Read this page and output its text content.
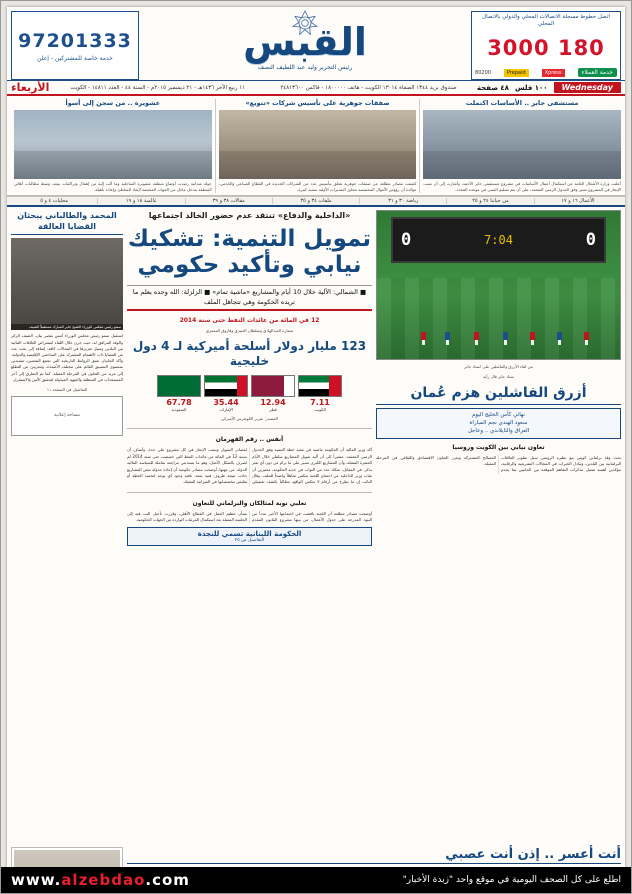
اتصل خطوط مسجلة الاتصالات المحلي والدولي بالاتصال المحلي
180 3000
خدمة العملاء
Xpress
Prepaid
80200
القبس
رئيس التحرير وليد عبد اللطيف النصف
97201333
خدمة خاصة للمشتركين - إعلن
Wednesday
١٠٠ فلس
٤٨ صفحة
صندوق بريد ١٣٤٤ الصفاة ١٣٠١٤ الكويت - هاتف ١٨٠٠٠٠٠ - فاكس ٢٤٨١٣٦٠٠
١١ ربيع الآخر ١٤٣٦هـ - ٢١ ديسمبر ٢٠١٥م - السنة ٤٤ - العدد ١٤٨١١ - الكويت
الأربعاء
مستشفى جابر .. الأساسات اكتملت
أعلنت وزارة الأشغال العامة عن استكمال أعمال الأساسات في مشروع مستشفى جابر الأحمد، وأشارت إلى أن نسب الإنجاز في المشروع تسير وفق الجدول الزمني المعتمد، على أن يتم تسليم المبنى في موعده المحدد.
صفقات جوهرية على تأسيس شركات «تنويع»
كشفت مصادر مطلعة عن صفقات جوهرية تتعلق بتأسيس عدد من الشركات الجديدة في القطاع الصناعي والخدمي، مؤكدة أن رؤوس الأموال المخصصة تتجاوز التقديرات الأولية بنسبة كبيرة.
عشويرة .. من سجن إلى أسوأ
جولة ميدانية رصدت أوضاع منطقة عشويرة الساحلية وما آلت إليه من إهمال وتراكمات بيئية، وسط مطالبات أهالي المنطقة بتدخل عاجل من الجهات المختصة لإنقاذ الشاطئ وإعادة تأهيله.
الأعمال ١٦ و ١٧
من حياتنا ٢٤ و ٢٥
رياضة ٣٠ و ٣١
ملفات ٣٤ و ٣٥
مقالات ٣٨ و ٣٩
عالمية ١٨ و ١٩
محليات ٤ و ٥
0
7:04
0
من لقاء الأزرق والفاشلين على استاد جابر
ستاد جابر قال رأيه
أزرق الفاشلين هزم عُمان
نهائي كأس الخليج اليوم
سعود الهندي نجم المباراة
العراق والتايلاندي .. وعاجل
تعاون نيابي بين الكويت وروسيا
بحث وفد برلماني كويتي مع نظيره الروسي سبل تطوير العلاقات البرلمانية بين البلدين، وتبادل الخبرات في المجالات التشريعية والرقابية، مؤكدين أهمية تفعيل مذكرات التفاهم الموقعة بين الجانبين بما يخدم المصالح المشتركة ويعزز التعاون الاقتصادي والثقافي في المرحلة المقبلة.
«الداخلية والدفاع» تنتقد عدم حضور الخالد اجتماعها
تمويل التنمية: تشكيك نيابي وتأكيد حكومي
■ الشمالي: الآلية خلال 10 أيام والمشاريع «ماشية تمام» ■ الزلزلة: الله وحده يعلم ما تريده الحكومة وهي تتجاهل الملف
12 في المائة من عائدات النفط حتى سنة 2014
سمارة العبدالهادي وسلطان العنيزي وفاروق المعمري
123 مليار دولار أسلحة أميركية لـ 4 دول خليجية
7.11
الكويت
12.94
قطر
35.44
الإمارات
67.78
السعودية
المصدر: تقرير الكونغرس الأميركي
أنفس .. رقم القهرمان
أكد وزير المالية أن الحكومة ماضية في تنفيذ خطة التنمية وفق الجدول الزمني المعتمد، مشيراً إلى أن آلية تمويل المشاريع ستُعلن خلال الأيام العشرة المقبلة، وأن المشاريع الكبرى تسير على ما يرام من دون أي تعثر يذكر. في المقابل، شكك عدد من النواب في جدية الحكومة، معتبرين أن غياب وزير الداخلية عن اجتماع اللجنة يعكس تجاهلاً واضحاً للملف. وقال النائب إن ما يطرح من أرقام لا يعكس الواقع، مطالباً بكشف تفصيلي لمصادر التمويل ونسب الإنجاز في كل مشروع على حدة. وأضاف أن نسبة 12 في المائة من عائدات النفط التي خصصت حتى سنة 2014 لم تُصرف بالشكل الأمثل، وهو ما يستدعي مراجعة شاملة للسياسة المالية للدولة. من جهتها، أوضحت مصادر حكومية أن إعادة جدولة بعض المشاريع جاءت نتيجة ظروف فنية بحتة، نافية وجود أي توجه لتجميد الخطة أو تقليص مخصصاتها في الميزانية المقبلة.
تعلبي نوبة لمثالكان والبرلماني للتعاون
أوضحت مصادر مطلعة أن اللجنة ناقشت في اجتماعها الأخير عدداً من البنود المدرجة على جدول الأعمال، من بينها مشروع القانون المقدم بشأن تنظيم العمل في القطاع الأهلي، وقررت تأجيل البت فيه إلى الجلسة المقبلة بعد استكمال المرئيات الواردة من الجهات الحكومية.
الحكومة اللبنانية تسمي للنجدة
التفاصيل ص ٢٥
المحمد والطالباني يبحثان القضايا العالقة
سمو رئيس مجلس الوزراء الشيخ جابر المبارك مستقبلاً الضيف
استقبل سمو رئيس مجلس الوزراء أمس بقصر بيان، الضيف الزائر والوفد المرافق له، حيث جرى خلال اللقاء استعراض العلاقات الثنائية بين البلدين وسبل تعزيزها في المجالات كافة، إضافة إلى بحث عدد من القضايا ذات الاهتمام المشترك على الساحتين الإقليمية والدولية. وأكد الجانبان عمق الروابط التاريخية التي تجمع الشعبين، مشيدين بمستوى التنسيق القائم على مختلف الأصعدة، ومعربين عن التطلع إلى مزيد من التعاون في المرحلة المقبلة. كما تم التطرق إلى آخر المستجدات في المنطقة والجهود المبذولة لتحقيق الأمن والاستقرار.
التفاصيل في الصفحة ١١
مساحة إعلانية
أنت أعسر .. إذن أنت عصبي
اطلع على كل الصحف اليومية في موقع واحد "زبدة الأخبار"
www.alzebdao.com
